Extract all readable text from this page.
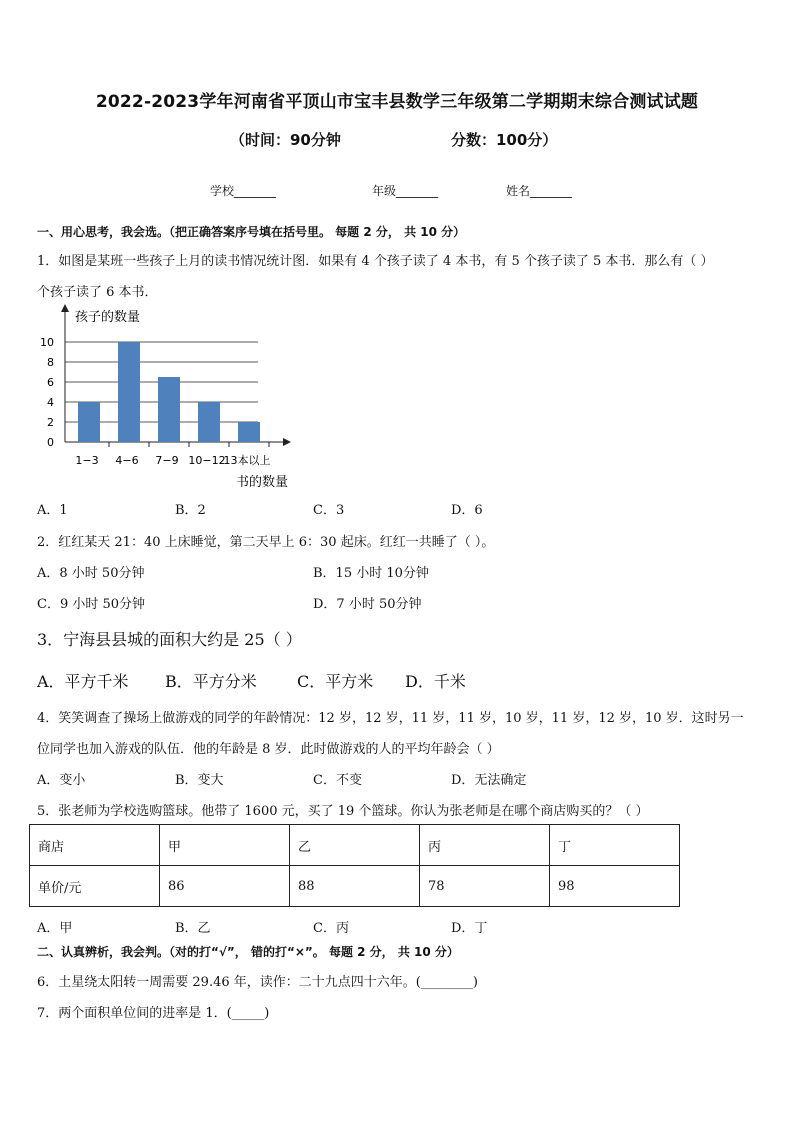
2022-2023学年河南省平顶山市宝丰县数学三年级第二学期期末综合测试试题
（时间：90分钟	分数：100分）
学校_______	年级_______	姓名_______
一、用心思考，我会选。（把正确答案序号填在括号里。 每题 2 分， 共 10 分）
1．如图是某班一些孩子上月的读书情况统计图．如果有 4 个孩子读了 4 本书，有 5 个孩子读了 5 本书．那么有（ ）
个孩子读了 6 本书．
孩子的数量
书的数量
0
2
4
6
8
10
1−3 4−6 7−9 10−12
13本以上
A．1	B．2	C．3	D．6
2．红红某天 21：40 上床睡觉，第二天早上 6：30 起床。红红一共睡了（ ）。
A．8 小时 50分钟	B．15 小时 10分钟
C．9 小时 50分钟	D．7 小时 50分钟
3．宁海县县城的面积大约是 25（ ）
A．平方千米 B．平方分米	C．平方米 D．千米
4．笑笑调查了操场上做游戏的同学的年龄情况：12 岁，12 岁，11 岁，11 岁，10 岁，11 岁，12 岁，10 岁．这时另一
位同学也加入游戏的队伍．他的年龄是 8 岁．此时做游戏的人的平均年龄会（ ）
A．变小	B．变大	C．不变	D．无法确定
5．张老师为学校选购篮球。他带了 1600 元，买了 19 个篮球。你认为张老师是在哪个商店购买的？（ ）
商店	甲	乙	丙	丁
单价/元	86	88	78	98
A．甲	B．乙	C．丙	D．丁
二、认真辨析，我会判。（对的打“√”， 错的打“×”。 每题 2 分， 共 10 分）
6．土星绕太阳转一周需要 29.46 年，读作：二十九点四十六年。(________)
7．两个面积单位间的进率是 1．(_____)
